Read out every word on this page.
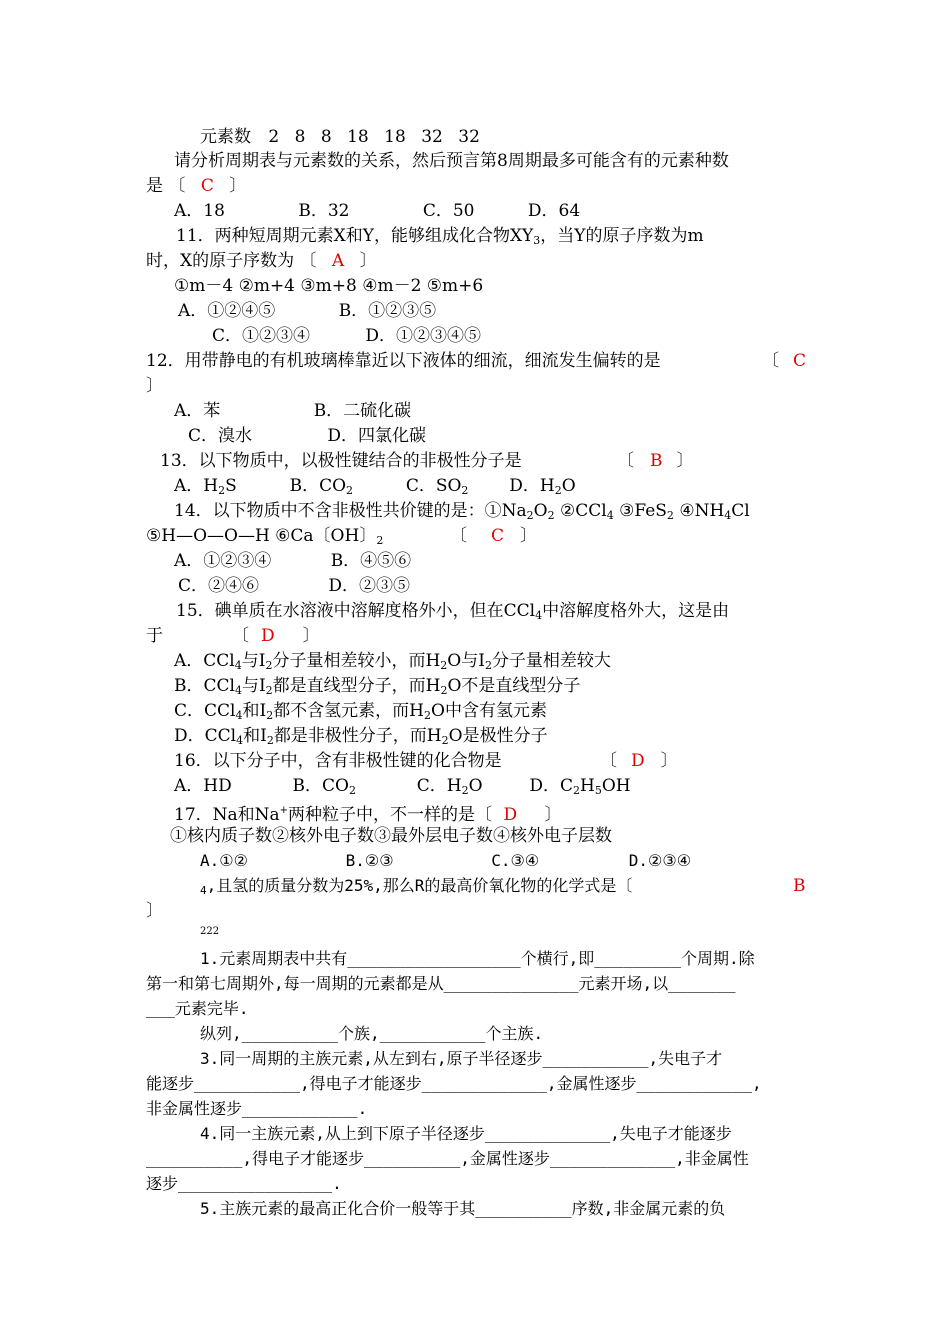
元素数 2 8 8 18 18 32 32
请分析周期表与元素数的关系，然后预言第8周期最多可能含有的元素种数
是 〔 C 〕
A．18	B．32	C．50	D．64
11．两种短周期元素X和Y，能够组成化合物$XY_3$，当Y的原子序数为m
时，X的原子序数为 〔 A 〕
①m－4 ②m+4 ③m+8 ④m－2 ⑤m+6
A．①②④⑤	B．①②③⑤
C．①②③④	D．①②③④⑤
12．用带静电的有机玻璃棒靠近以下液体的细流，细流发生偏转的是	〔 C
〕
A．苯	B．二硫化碳
C．溴水	D．四氯化碳
13．以下物质中，以极性键结合的非极性分子是	〔 B 〕
A．$H_2S$	B．$CO_2$	C．$SO_2$ D．$H_2O$
14．以下物质中不含非极性共价键的是：$①Na_2O_2$ ②CCl$_4$ ③FeS$_2$ $④NH_4Cl$
⑤H—O—O—H ⑥Ca〔OH〕$_2$	〔 C 〕
A．①②③④	B．④⑤⑥
C．②④⑥	D．②③⑤
15．碘单质在水溶液中溶解度格外小，但在CCl$_4$中溶解度格外大，这是由
于	〔 D 〕
A．CCl$_4$与$I_2$分子量相差较小，而$H_2O$与$I_2$分子量相差较大
B．CCl$_4$与$I_2$都是直线型分子，而$H_2O$不是直线型分子
C．CCl$_4$和$I_2$都不含氢元素，而$H_2O$中含有氢元素
D．CCl$_4$和$I_2$都是非极性分子，而$H_2O$是极性分子
16．以下分子中，含有非极性键的化合物是	〔 D 〕
A．HD	B．$CO_2$	C．$H_2O$	D．$C_2H_5OH$
17．Na和Na+两种粒子中，不一样的是〔 D 〕
①核内质子数②核外电子数③最外层电子数④核外电子层数
A.①②	B.②③	C.③④	D.②③④
$_4$,且氢的质量分数为25%,那么R的最高价氧化物的化学式是〔	B
〕
222
1.元素周期表中共有__________________个横行,即_________个周期.除
第一和第七周期外,每一周期的元素都是从______________元素开场,以_______
___元素完毕.
纵列,__________个族,___________个主族.
3.同一周期的主族元素,从左到右,原子半径逐步___________,失电子才
能逐步___________,得电子才能逐步_____________,金属性逐步____________,
非金属性逐步____________.
4.同一主族元素,从上到下原子半径逐步_____________,失电子才能逐步
__________,得电子才能逐步__________,金属性逐步_____________,非金属性
逐步________________.
5.主族元素的最高正化合价一般等于其__________序数,非金属元素的负
